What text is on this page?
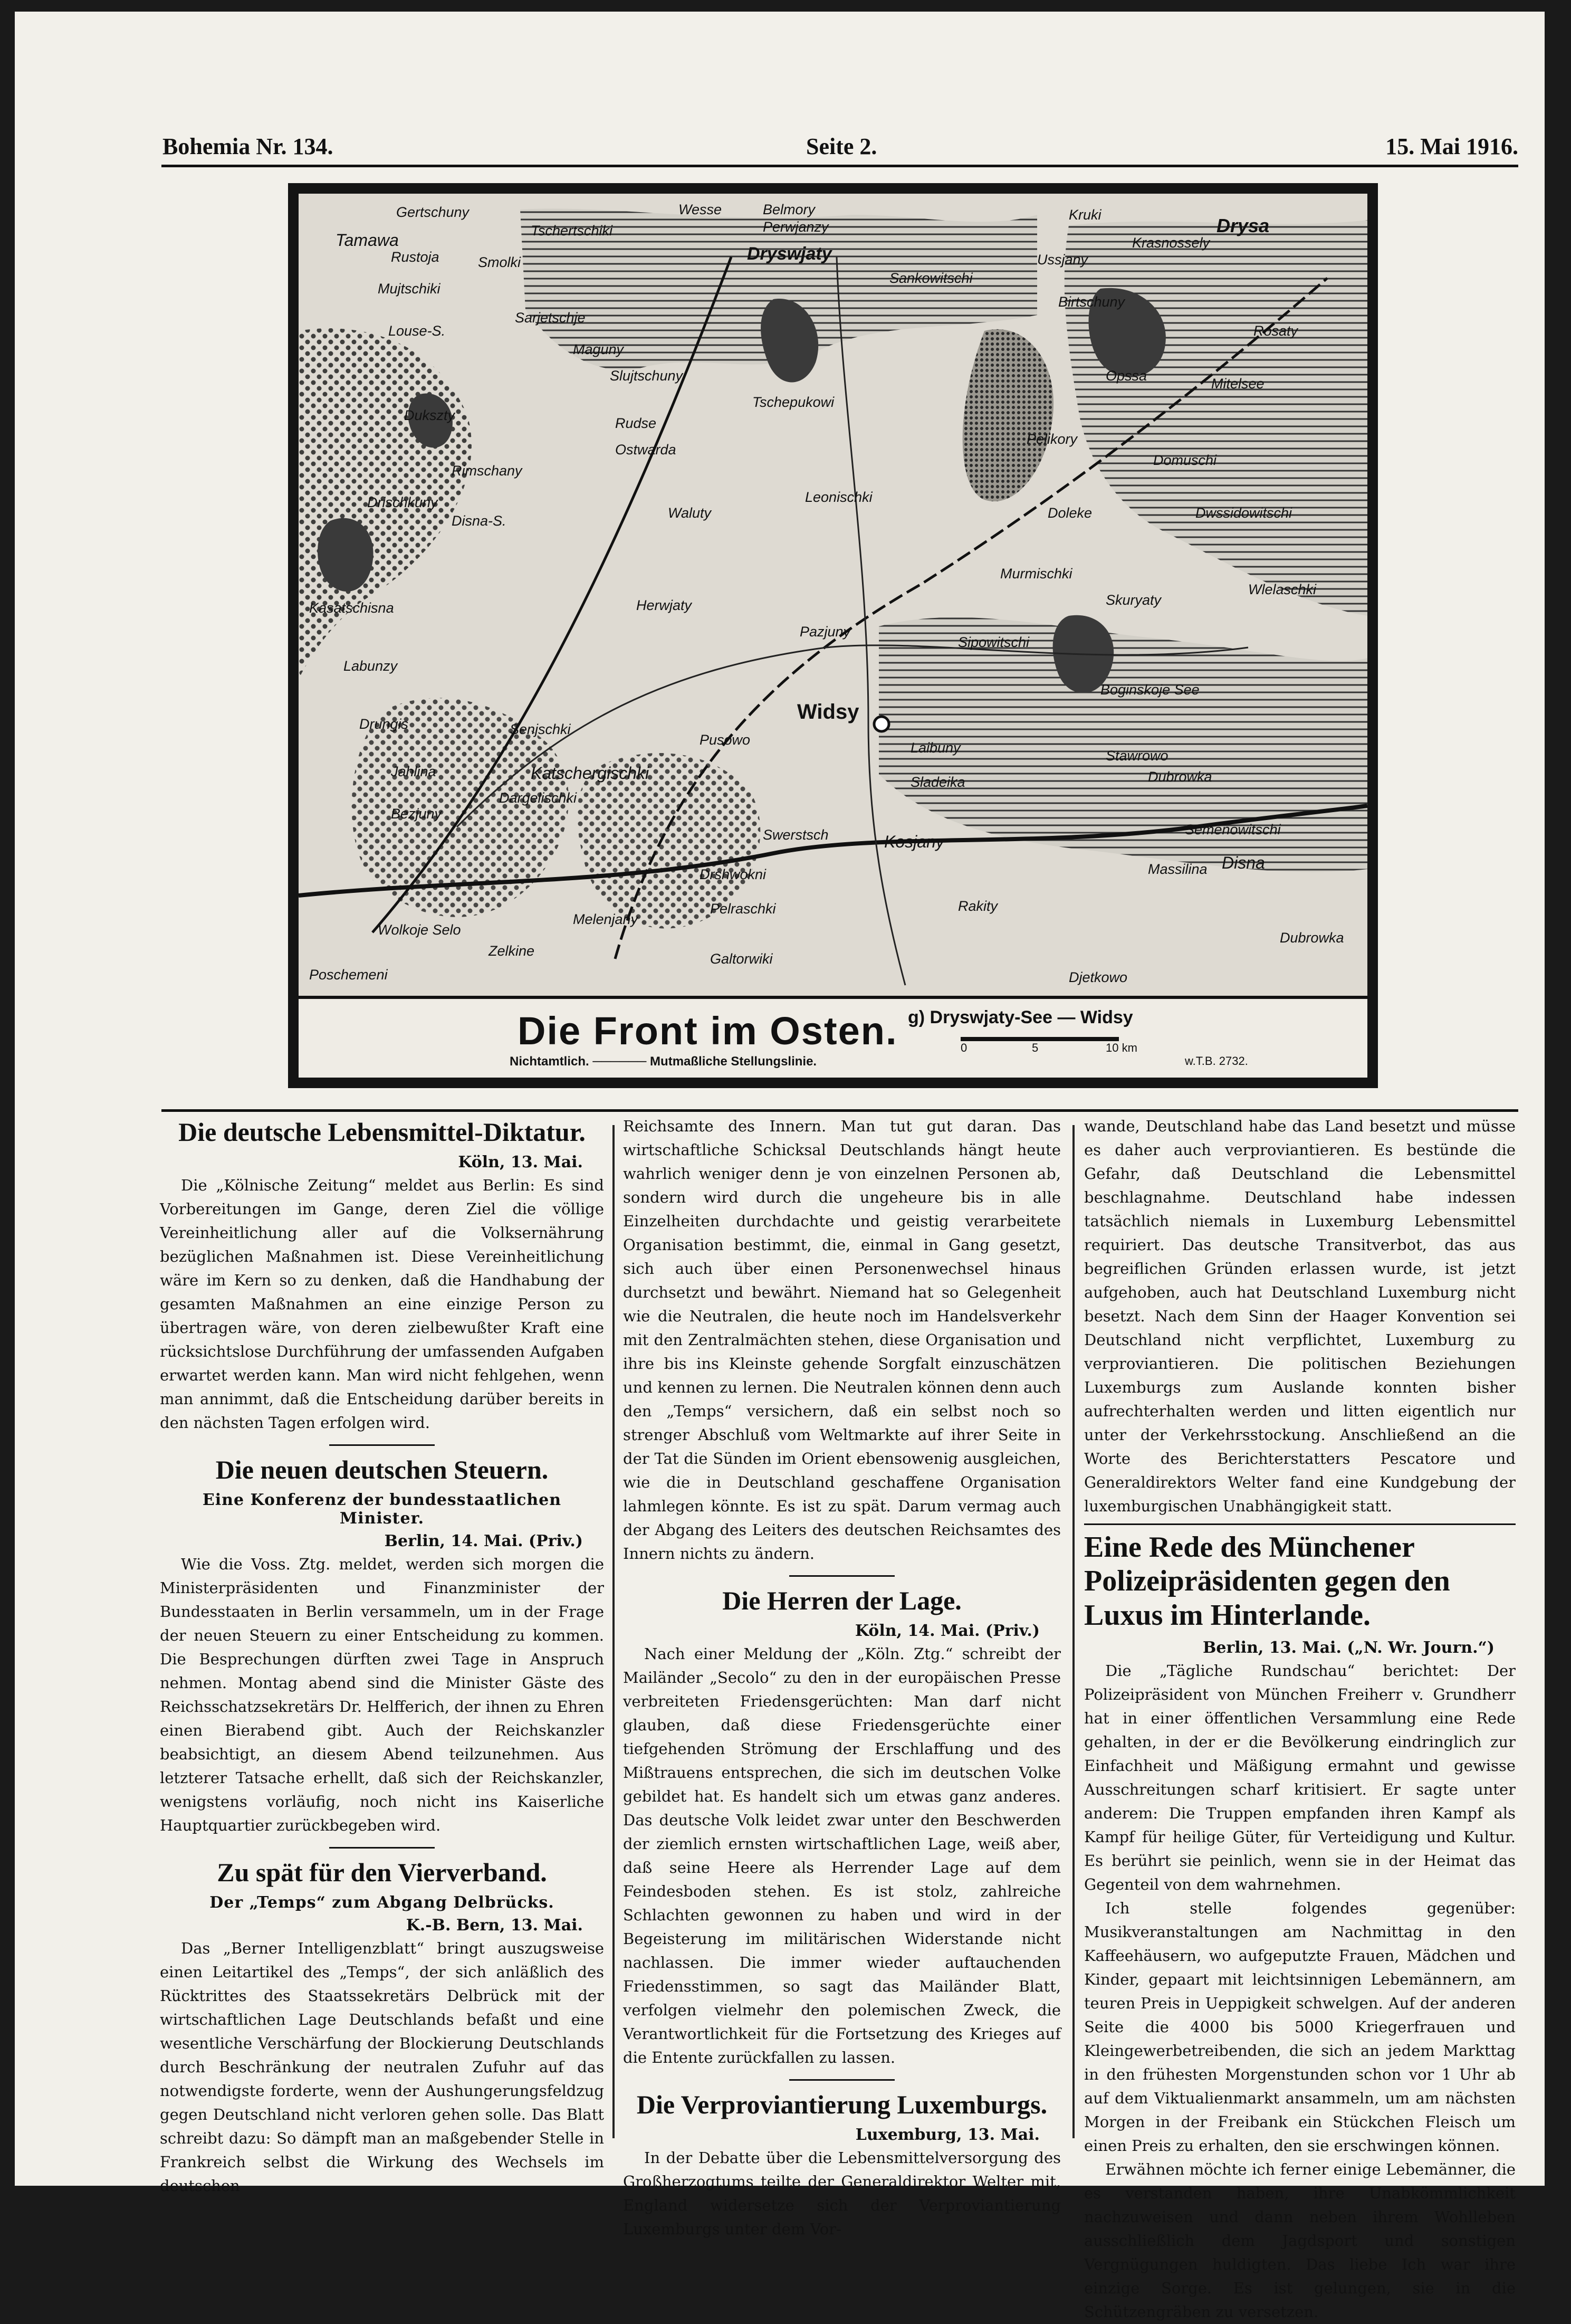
Bohemia Nr. 134.	Seite 2.	15. Mai 1916.
Gertschuny
Tamawa
Rustoja	Smolki
Tschertschiki
Wesse	Belmory
Perwjanzy
Ussjany
Krasnossely
Kruki
Dryswjaty
Sankowitschi
Birtschuny
Drysa
Rosaty
Mitelsee
Mujtschiki
Sarjetschje
Louse-S.
Maguny
Slujtschuny
Tschepukowi
Opssa
Dukszty	Rudse
Ostwarda
Pelikory
Domuschi
Rimschany
Drischkuny
Disna-S.	Waluty
Leonischki
Doleke	Dwssidowitschi
Kasatschisna	Herwjaty
Pazjuny
Murmischki
Skuryaty
Wlelaschki
Labunzy
Widsy
Sipowitschi
Boginskoje See
Drungis	Senjschki
Pusowo	Laibuny	Stawrowo
Jahlina	Katschergischki	Sladeika	Dubrowka
Bezjuny
Dargelischki
Swerstsch	Kosjany
Semenowitschi
Drshwokni
Disna
Massilina
Pelraschki	Rakity
Melenjany
Wolkoje Selo
Zelkine
Poschemeni
Galtorwiki
Djetkowo
Dubrowka
Die Front im Osten. g) Dryswjaty-See — Widsy
Nichtamtlich. ────── Mutmaßliche Stellungslinie.
0	5	10 km
w.T.B. 2732.
Die deutsche Lebensmittel-Diktatur.
Köln, 13. Mai.

Die „Kölnische Zeitung“ meldet aus Berlin: Es sind Vorbereitungen im Gange, deren Ziel die völlige Vereinheitlichung aller auf die Volksernährung bezüglichen Maßnahmen ist. Diese Vereinheitlichung wäre im Kern so zu denken, daß die Handhabung der gesamten Maßnahmen an eine einzige Person zu übertragen wäre, von deren zielbewußter Kraft eine rücksichtslose Durchführung der umfassenden Aufgaben erwartet werden kann. Man wird nicht fehlgehen, wenn man annimmt, daß die Entscheidung darüber bereits in den nächsten Tagen erfolgen wird.

Die neuen deutschen Steuern.
Eine Konferenz der bundesstaatlichen Minister.
Berlin, 14. Mai. (Priv.)

Wie die Voss. Ztg. meldet, werden sich morgen die Ministerpräsidenten und Finanzminister der Bundesstaaten in Berlin versammeln, um in der Frage der neuen Steuern zu einer Entscheidung zu kommen. Die Besprechungen dürften zwei Tage in Anspruch nehmen. Montag abend sind die Minister Gäste des Reichsschatzsekretärs Dr. Helfferich, der ihnen zu Ehren einen Bierabend gibt. Auch der Reichskanzler beabsichtigt, an diesem Abend teilzunehmen. Aus letzterer Tatsache erhellt, daß sich der Reichskanzler, wenigstens vorläufig, noch nicht ins Kaiserliche Hauptquartier zurückbegeben wird.

Zu spät für den Vierverband.
Der „Temps“ zum Abgang Delbrücks.
K.-B. Bern, 13. Mai.

Das „Berner Intelligenzblatt“ bringt auszugsweise einen Leitartikel des „Temps“, der sich anläßlich des Rücktrittes des Staatssekretärs Delbrück mit der wirtschaftlichen Lage Deutschlands befaßt und eine wesentliche Verschärfung der Blockierung Deutschlands durch Beschränkung der neutralen Zufuhr auf das notwendigste forderte, wenn der Aushungerungsfeldzug gegen Deutschland nicht verloren gehen solle. Das Blatt schreibt dazu: So dämpft man an maßgebender Stelle in Frankreich selbst die Wirkung des Wechsels im deutschen

Reichsamte des Innern. Man tut gut daran. Das wirtschaftliche Schicksal Deutschlands hängt heute wahrlich weniger denn je von einzelnen Personen ab, sondern wird durch die ungeheure bis in alle Einzelheiten durchdachte und geistig verarbeitete Organisation bestimmt, die, einmal in Gang gesetzt, sich auch über einen Personenwechsel hinaus durchsetzt und bewährt. Niemand hat so Gelegenheit wie die Neutralen, die heute noch im Handelsverkehr mit den Zentralmächten stehen, diese Organisation und ihre bis ins Kleinste gehende Sorgfalt einzuschätzen und kennen zu lernen. Die Neutralen können denn auch den „Temps“ versichern, daß ein selbst noch so strenger Abschluß vom Weltmarkte auf ihrer Seite in der Tat die Sünden im Orient ebensowenig ausgleichen, wie die in Deutschland geschaffene Organisation lahmlegen könnte. Es ist zu spät. Darum vermag auch der Abgang des Leiters des deutschen Reichsamtes des Innern nichts zu ändern.

Die Herren der Lage.
Köln, 14. Mai. (Priv.)

Nach einer Meldung der „Köln. Ztg.“ schreibt der Mailänder „Secolo“ zu den in der europäischen Presse verbreiteten Friedensgerüchten: Man darf nicht glauben, daß diese Friedensgerüchte einer tiefgehenden Strömung der Erschlaffung und des Mißtrauens entsprechen, die sich im deutschen Volke gebildet hat. Es handelt sich um etwas ganz anderes. Das deutsche Volk leidet zwar unter den Beschwerden der ziemlich ernsten wirtschaftlichen Lage, weiß aber, daß seine Heere als Herrender Lage auf dem Feindesboden stehen. Es ist stolz, zahlreiche Schlachten gewonnen zu haben und wird in der Begeisterung im militärischen Widerstande nicht nachlassen. Die immer wieder auftauchenden Friedensstimmen, so sagt das Mailänder Blatt, verfolgen vielmehr den polemischen Zweck, die Verantwortlichkeit für die Fortsetzung des Krieges auf die Entente zurückfallen zu lassen.

Die Verproviantierung Luxemburgs.
Luxemburg, 13. Mai.

In der Debatte über die Lebensmittelversorgung des Großherzogtums teilte der Generaldirektor Welter mit, England widersetze sich der Verproviantierung Luxemburgs unter dem Vor-

wande, Deutschland habe das Land besetzt und müsse es daher auch verproviantieren. Es bestünde die Gefahr, daß Deutschland die Lebensmittel beschlagnahme. Deutschland habe indessen tatsächlich niemals in Luxemburg Lebensmittel requiriert. Das deutsche Transitverbot, das aus begreiflichen Gründen erlassen wurde, ist jetzt aufgehoben, auch hat Deutschland Luxemburg nicht besetzt. Nach dem Sinn der Haager Konvention sei Deutschland nicht verpflichtet, Luxemburg zu verproviantieren. Die politischen Beziehungen Luxemburgs zum Auslande konnten bisher aufrechterhalten werden und litten eigentlich nur unter der Verkehrsstockung. Anschließend an die Worte des Berichterstatters Pescatore und Generaldirektors Welter fand eine Kundgebung der luxemburgischen Unabhängigkeit statt.

Eine Rede des Münchener Polizeipräsidenten gegen den Luxus im Hinterlande.
Berlin, 13. Mai. („N. Wr. Journ.“)

Die „Tägliche Rundschau“ berichtet: Der Polizeipräsident von München Freiherr v. Grundherr hat in einer öffentlichen Versammlung eine Rede gehalten, in der er die Bevölkerung eindringlich zur Einfachheit und Mäßigung ermahnt und gewisse Ausschreitungen scharf kritisiert. Er sagte unter anderem: Die Truppen empfanden ihren Kampf als Kampf für heilige Güter, für Verteidigung und Kultur. Es berührt sie peinlich, wenn sie in der Heimat das Gegenteil von dem wahrnehmen.

Ich stelle folgendes gegenüber: Musikveranstaltungen am Nachmittag in den Kaffeehäusern, wo aufgeputzte Frauen, Mädchen und Kinder, gepaart mit leichtsinnigen Lebemännern, am teuren Preis in Ueppigkeit schwelgen. Auf der anderen Seite die 4000 bis 5000 Kriegerfrauen und Kleingewerbetreibenden, die sich an jedem Markttag in den frühesten Morgenstunden schon vor 1 Uhr ab auf dem Viktualienmarkt ansammeln, um am nächsten Morgen in der Freibank ein Stückchen Fleisch um einen Preis zu erhalten, den sie erschwingen können.

Erwähnen möchte ich ferner einige Lebemänner, die es verstanden haben, ihre Unabkömmlichkeit nachzuweisen und dann neben ihrem Wohlleben ausschließlich dem Jagdsport und sonstigen Vergnügungen huldigten. Das liebe Ich war ihre einzige Sorge. Es ist gelungen, sie in die Schützengräben zu versetzen.
